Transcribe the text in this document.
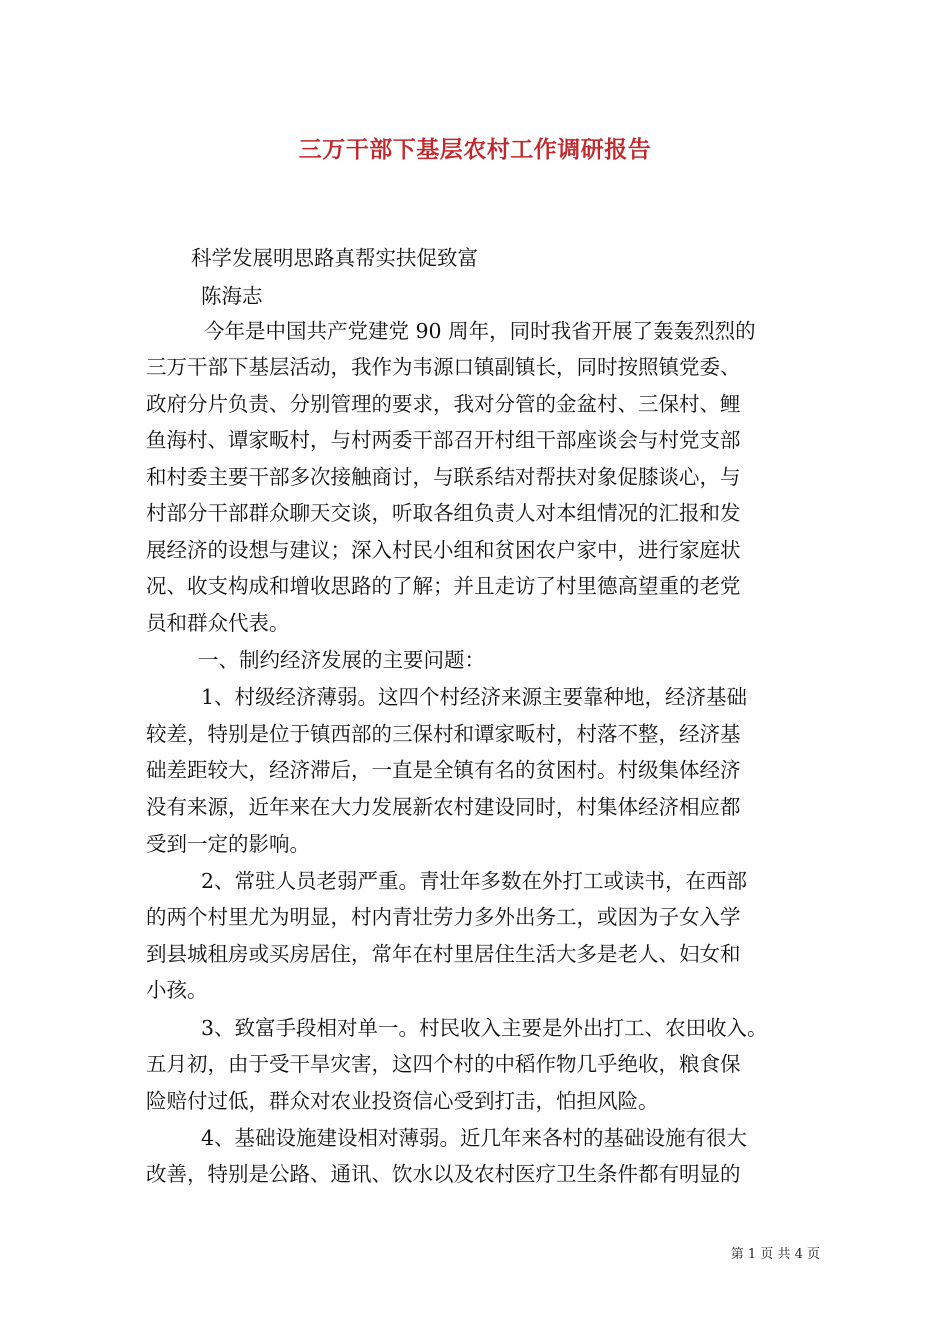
三万干部下基层农村工作调研报告
科学发展明思路真帮实扶促致富
陈海志
今年是中国共产党建党 90 周年，同时我省开展了轰轰烈烈的
三万干部下基层活动，我作为韦源口镇副镇长，同时按照镇党委、
政府分片负责、分别管理的要求，我对分管的金盆村、三保村、鲤
鱼海村、谭家畈村，与村两委干部召开村组干部座谈会与村党支部
和村委主要干部多次接触商讨，与联系结对帮扶对象促膝谈心，与
村部分干部群众聊天交谈，听取各组负责人对本组情况的汇报和发
展经济的设想与建议；深入村民小组和贫困农户家中，进行家庭状
况、收支构成和增收思路的了解；并且走访了村里德高望重的老党
员和群众代表。
一、制约经济发展的主要问题：
1、村级经济薄弱。这四个村经济来源主要靠种地，经济基础
较差，特别是位于镇西部的三保村和谭家畈村，村落不整，经济基
础差距较大，经济滞后，一直是全镇有名的贫困村。村级集体经济
没有来源，近年来在大力发展新农村建设同时，村集体经济相应都
受到一定的影响。
2、常驻人员老弱严重。青壮年多数在外打工或读书，在西部
的两个村里尤为明显，村内青壮劳力多外出务工，或因为子女入学
到县城租房或买房居住，常年在村里居住生活大多是老人、妇女和
小孩。
3、致富手段相对单一。村民收入主要是外出打工、农田收入。
五月初，由于受干旱灾害，这四个村的中稻作物几乎绝收，粮食保
险赔付过低，群众对农业投资信心受到打击，怕担风险。
4、基础设施建设相对薄弱。近几年来各村的基础设施有很大
改善，特别是公路、通讯、饮水以及农村医疗卫生条件都有明显的
第 1 页 共 4 页
